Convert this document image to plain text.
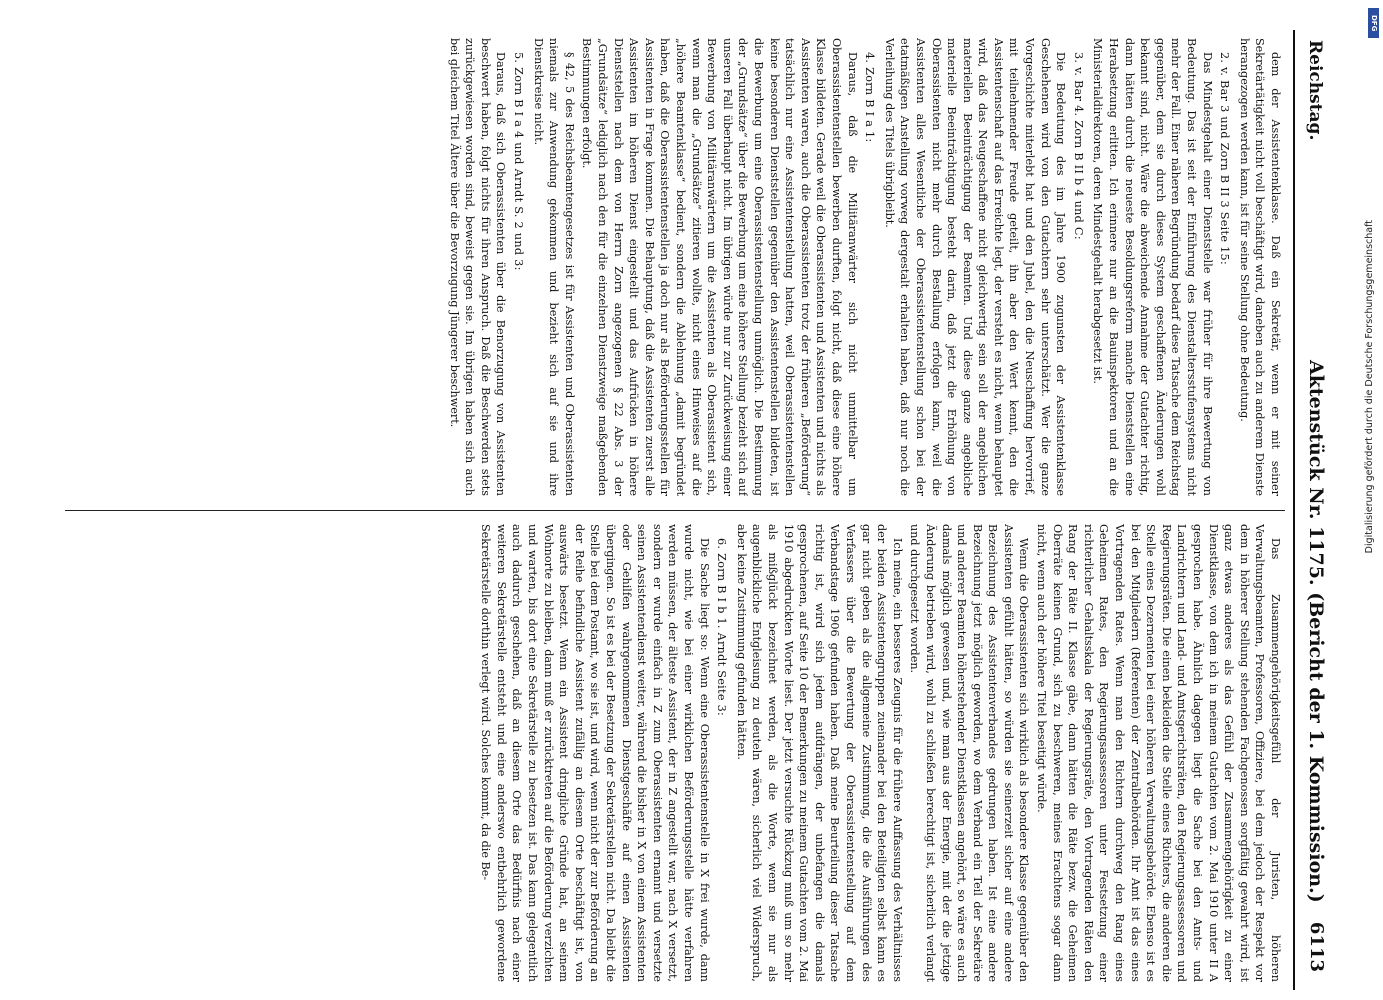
Reichstag.
Aktenstück Nr. 1175. (Bericht der 1. Kommission.)
6113

dem der Assistentenklasse. Daß ein Sekretär, wenn er mit seiner Sekretärtätigkeit nicht voll beschäftigt wird, daneben auch zu anderem Dienste herangezogen werden kann, ist für seine Stellung ohne Bedeutung.

2. v. Bar 3 und Zorn B II 3 Seite 15:

Das Mindestgehalt einer Dienststelle war früher für ihre Bewertung von Bedeutung. Das ist seit der Einführung des Dienstaltersstufensystems nicht mehr der Fall. Einer näheren Begründung bedarf diese Tatsache dem Reichstag gegenüber, dem sie durch dieses System geschaffenen Änderungen wohl bekannt sind, nicht. Wäre die abweichende Annahme der Gutachter richtig, dann hätten durch die neueste Besoldungsreform manche Dienststellen eine Herabsetzung erlitten. Ich erinnere nur an die Bauinspektoren und an die Ministerialdirektoren, deren Mindestgehalt herabgesetzt ist.

3. v. Bar 4. Zorn B II b 4 und C:

Die Bedeutung des im Jahre 1900 zugunsten der Assistentenklasse Geschehenen wird von den Gutachtern sehr unterschätzt. Wer die ganze Vorgeschichte miterlebt hat und den Jubel, den die Neuschaffung hervorrief, mit teilnehmender Freude geteilt, ihn aber den Wert kennt, den die Assistentenschaft auf das Erreichte legt, der versteht es nicht, wenn behauptet wird, daß das Neugeschaffene nicht gleichwertig sein soll der angeblichen materiellen Beeinträchtigung der Beamten. Und diese ganze angebliche materielle Beeinträchtigung besteht darin, daß jetzt die Erhöhung von Oberassistenten nicht mehr durch Bestallung erfolgen kann, weil die Assistenten alles Wesentliche der Oberassistentenstellung schon bei der etatmäßigen Anstellung vorweg dergestalt erhalten haben, daß nur noch die Verleihung des Titels übrigbleibt.

4. Zorn B I a 1:

Daraus, daß die Militäranwärter sich nicht unmittelbar um Oberassistentenstellen bewerben durften, folgt nicht, daß diese eine höhere Klasse bildeten. Gerade weil die Oberassistenten und Assistenten und nichts als Assistenten waren, auch die Oberassistenten trotz der früheren „Beförderung“ tatsächlich nur eine Assistentenstellung hatten, weil Oberassistentenstellen keine besonderen Dienststellen gegenüber den Assistentenstellen bildeten, ist die Bewerbung um eine Oberassistentenstellung unmöglich. Die Bestimmung der „Grundsätze“ über die Bewerbung um eine höhere Stellung bezieht sich auf unseren Fall überhaupt nicht. Im übrigen würde nur zur Zurückweisung einer Bewerbung von Militäranwärtern um die Assistenten als Oberassistent sich, wenn man die „Grundsätze“ zitieren wollte, nicht eines Hinweises auf die „höhere Beamtenklasse“ bedient, sondern die Ablehnung „damit begründet haben, daß die Oberassistentenstellen ja doch nur als Beförderungsstellen für Assistenten in Frage kommen. Die Behauptung, daß die Assistenten zuerst alle Assistenten im höheren Dienst eingestellt und das Aufrücken in höhere Dienststellen nach dem von Herrn Zorn angezogenen § 22 Abs. 3 der „Grundsätze“ lediglich nach den für die einzelnen Dienstzweige maßgebenden Bestimmungen erfolgt.

§ 42, 5 des Reichsbeamtengesetzes ist für Assistenten und Oberassistenten niemals zur Anwendung gekommen und bezieht sich auf sie und ihre Dienstkreise nicht.

5. Zorn B I a 4 und Arndt S. 2 und 3:

Daraus, daß sich Oberassistenten über die Benorzugung von Assistenten beschwert haben, folgt nichts für ihren Anspruch. Daß die Beschwerden stets zurückgewiesen worden sind, beweist gegen sie. Im übrigen haben sich auch bei gleichem Titel Ältere über die Bevorzugung Jüngerer beschwert.

Das Zusammengehörigkeitsgefühl der Juristen, höheren Verwaltungsbeamten, Professoren, Offiziere, bei dem jedoch der Respekt vor dem in höherer Stellung stehenden Fachgenossen sorgfältig gewahrt wird, ist ganz etwas anderes als das Gefühl der Zusammengehörigkeit zu einer Dienstklasse, von dem ich in meinem Gutachten vom 2. Mai 1910 unter II A gesprochen habe. Ähnlich dagegen liegt die Sache bei den Amts- und Landrichtern und Land- und Amtsgerichtsräten, den Regierungsassessoren und Regierungsräten. Die einen bekleiden die Stelle eines Richters, die anderen die Stelle eines Dezernenten bei einer höheren Verwaltungsbehörde. Ebenso ist es bei den Mitgliedern (Referenten) der Zentralbehörden. Ihr Amt ist das eines Vortragenden Rates. Wenn man den Richtern durchweg den Rang eines Geheimen Rates, den Regierungsassessoren unter Festsetzung einer richterlicher Gehaltsskala der Regierungsräte, den Vortragenden Räten den Rang der Räte II. Klasse gäbe, dann hätten die Räte bezw. die Geheimen Oberräte keinen Grund, sich zu beschweren, meines Erachtens sogar dann nicht, wenn auch der höhere Titel beseitigt würde.

Wenn die Oberassistenten sich wirklich als besondere Klasse gegenüber den Assistenten gefühlt hätten, so würden sie seinerzeit sicher auf eine andere Bezeichnung des Assistentenverbandes gedrungen haben. Ist eine andere Bezeichnung jetzt möglich geworden, wo dem Verband ein Teil der Sekretäre und anderer Beamten höherstehender Dienstklassen angehört, so wäre es auch damals möglich gewesen und, wie man aus der Energie, mit der die jetzige Änderung betrieben wird, wohl zu schließen berechtigt ist, sicherlich verlangt und durchgesetzt worden.

Ich meine, ein besseres Zeugnis für die frühere Auffassung des Verhältnisses der beiden Assistentengruppen zueinander bei den Beteiligten selbst kann es gar nicht geben als die allgemeine Zustimmung, die die Ausführungen des Verfassers über die Bewertung der Oberassistentenstellung auf dem Verbandstage 1906 gefunden haben. Daß meine Beurteilung dieser Tatsache richtig ist, wird sich jedem aufdrängen, der unbefangen die damals gesprochenen, auf Seite 10 der Bemerkungen zu meinem Gutachten vom 2. Mai 1910 abgedruckten Worte liest. Der jetzt versuchte Rückzug muß um so mehr als mißglückt bezeichnet werden, als die Worte, wenn sie nur als augenblickliche Entgleisung zu deuteln wären, sicherlich viel Widerspruch, aber keine Zustimmung gefunden hätten.

6. Zorn B I b 1. Arndt Seite 3:

Die Sache liegt so: Wenn eine Oberassistentenstelle in X frei wurde, dann wurde nicht, wie bei einer wirklichen Beförderungsstelle hätte verfahren werden müssen, der älteste Assistent, der in Z angestellt war, nach X versetzt, sondern er wurde einfach in Z zum Oberassistenten ernannt und versetzte seinen Assistentendienst weiter, während die bisher in X von einem Assistenten oder Gehilfen wahrgenommenen Dienstgeschäfte auf einen Assistenten übergingen. So ist es bei der Besetzung der Sekretärstellen nicht. Da bleibt die Stelle bei dem Postamt, wo sie ist, und wird, wenn nicht der zur Beförderung an der Reihe befindliche Assistent zufällig an diesem Orte beschäftigt ist, von auswärts besetzt. Wenn ein Assistent dringliche Gründe hat, an seinem Wohnorte zu bleiben, dann muß er zurücktreten auf die Beförderung verzichten und warten, bis dort eine Sekretärstelle zu besetzen ist. Das kann gelegentlich auch dadurch geschehen, daß an diesem Orte das Bedürfnis nach einer weiteren Sekretärstelle entsteht und eine anderswo entbehrlich gewordene Sekretärstelle dorthin verlegt wird. Solches kommt, da die Be-

Digitalisierung gefördert durch die Deutsche Forschungsgemeinschaft
DFG
